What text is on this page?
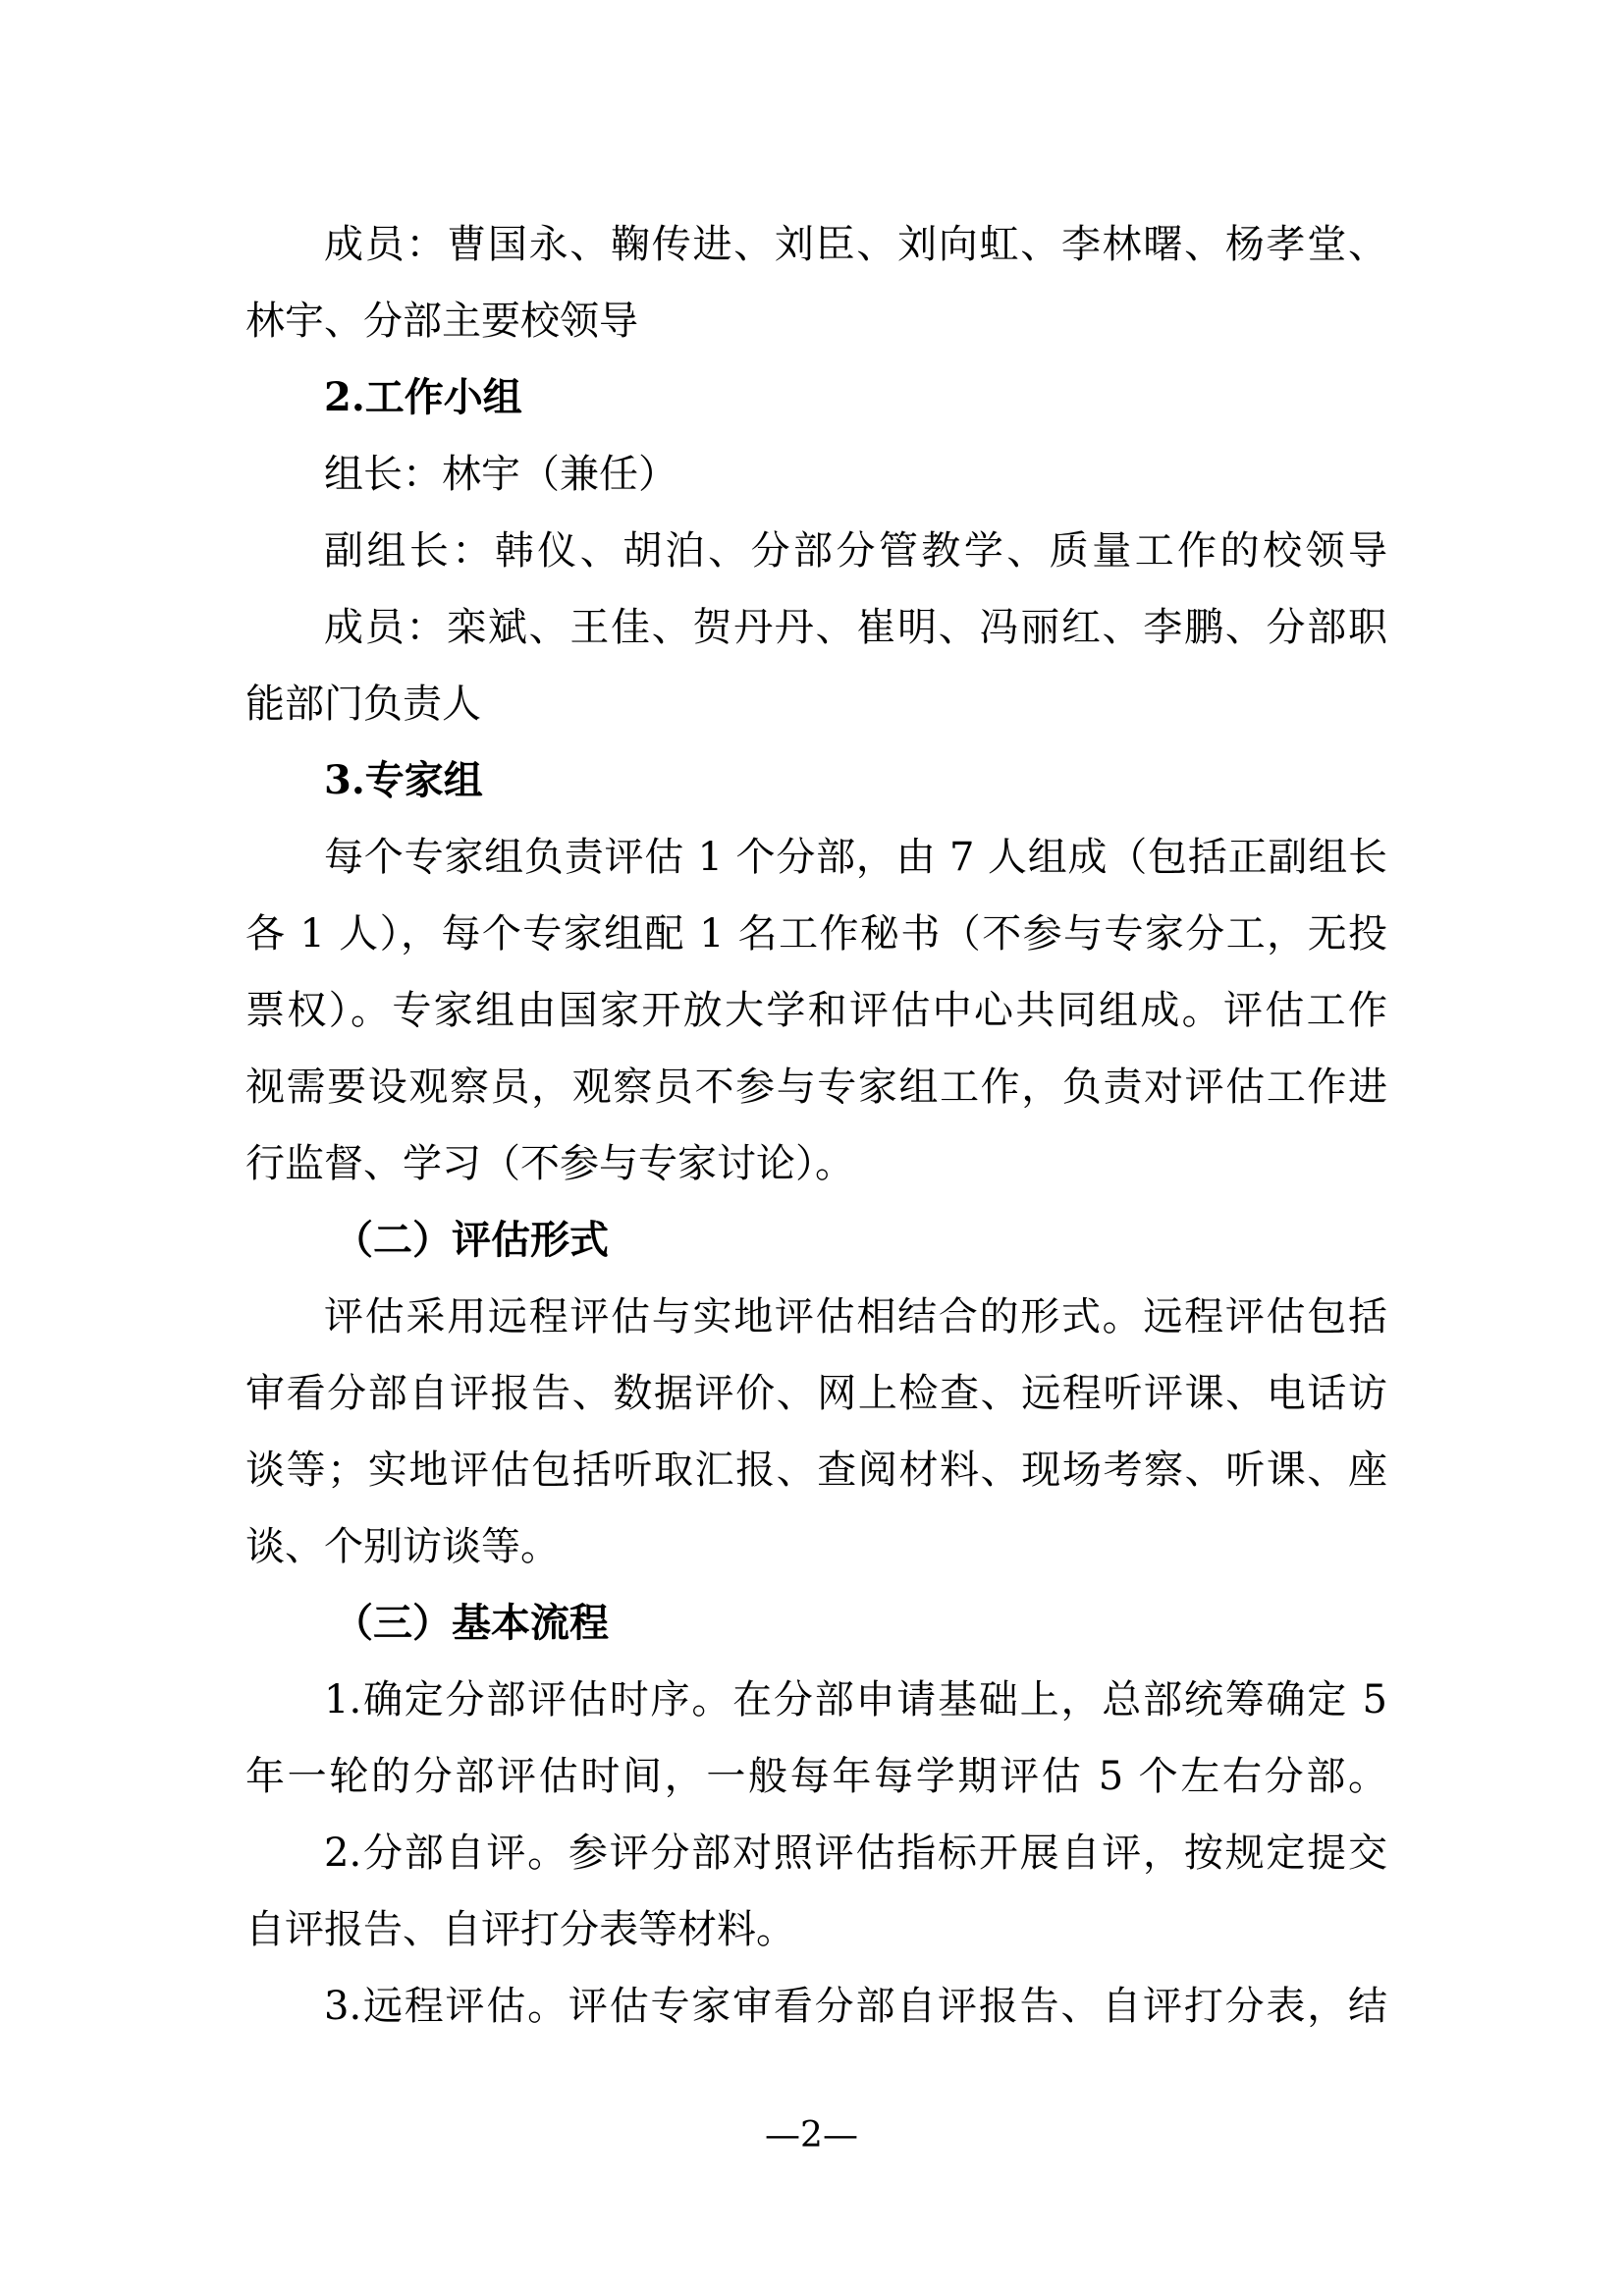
成员：曹国永、鞠传进、刘臣、刘向虹、李林曙、杨孝堂、
林宇、分部主要校领导
2.工作小组
组长：林宇（兼任）
副组长：韩仪、胡泊、分部分管教学、质量工作的校领导
成员：栾斌、王佳、贺丹丹、崔明、冯丽红、李鹏、分部职
能部门负责人
3.专家组
每个专家组负责评估 1 个分部，由 7 人组成（包括正副组长
各 1 人），每个专家组配 1 名工作秘书（不参与专家分工，无投
票权）。专家组由国家开放大学和评估中心共同组成。评估工作
视需要设观察员，观察员不参与专家组工作，负责对评估工作进
行监督、学习（不参与专家讨论）。
（二）评估形式
评估采用远程评估与实地评估相结合的形式。远程评估包括
审看分部自评报告、数据评价、网上检查、远程听评课、电话访
谈等；实地评估包括听取汇报、查阅材料、现场考察、听课、座
谈、个别访谈等。
（三）基本流程
1.确定分部评估时序。在分部申请基础上，总部统筹确定 5
年一轮的分部评估时间，一般每年每学期评估 5 个左右分部。
2.分部自评。参评分部对照评估指标开展自评，按规定提交
自评报告、自评打分表等材料。
3.远程评估。评估专家审看分部自评报告、自评打分表，结
—2—
